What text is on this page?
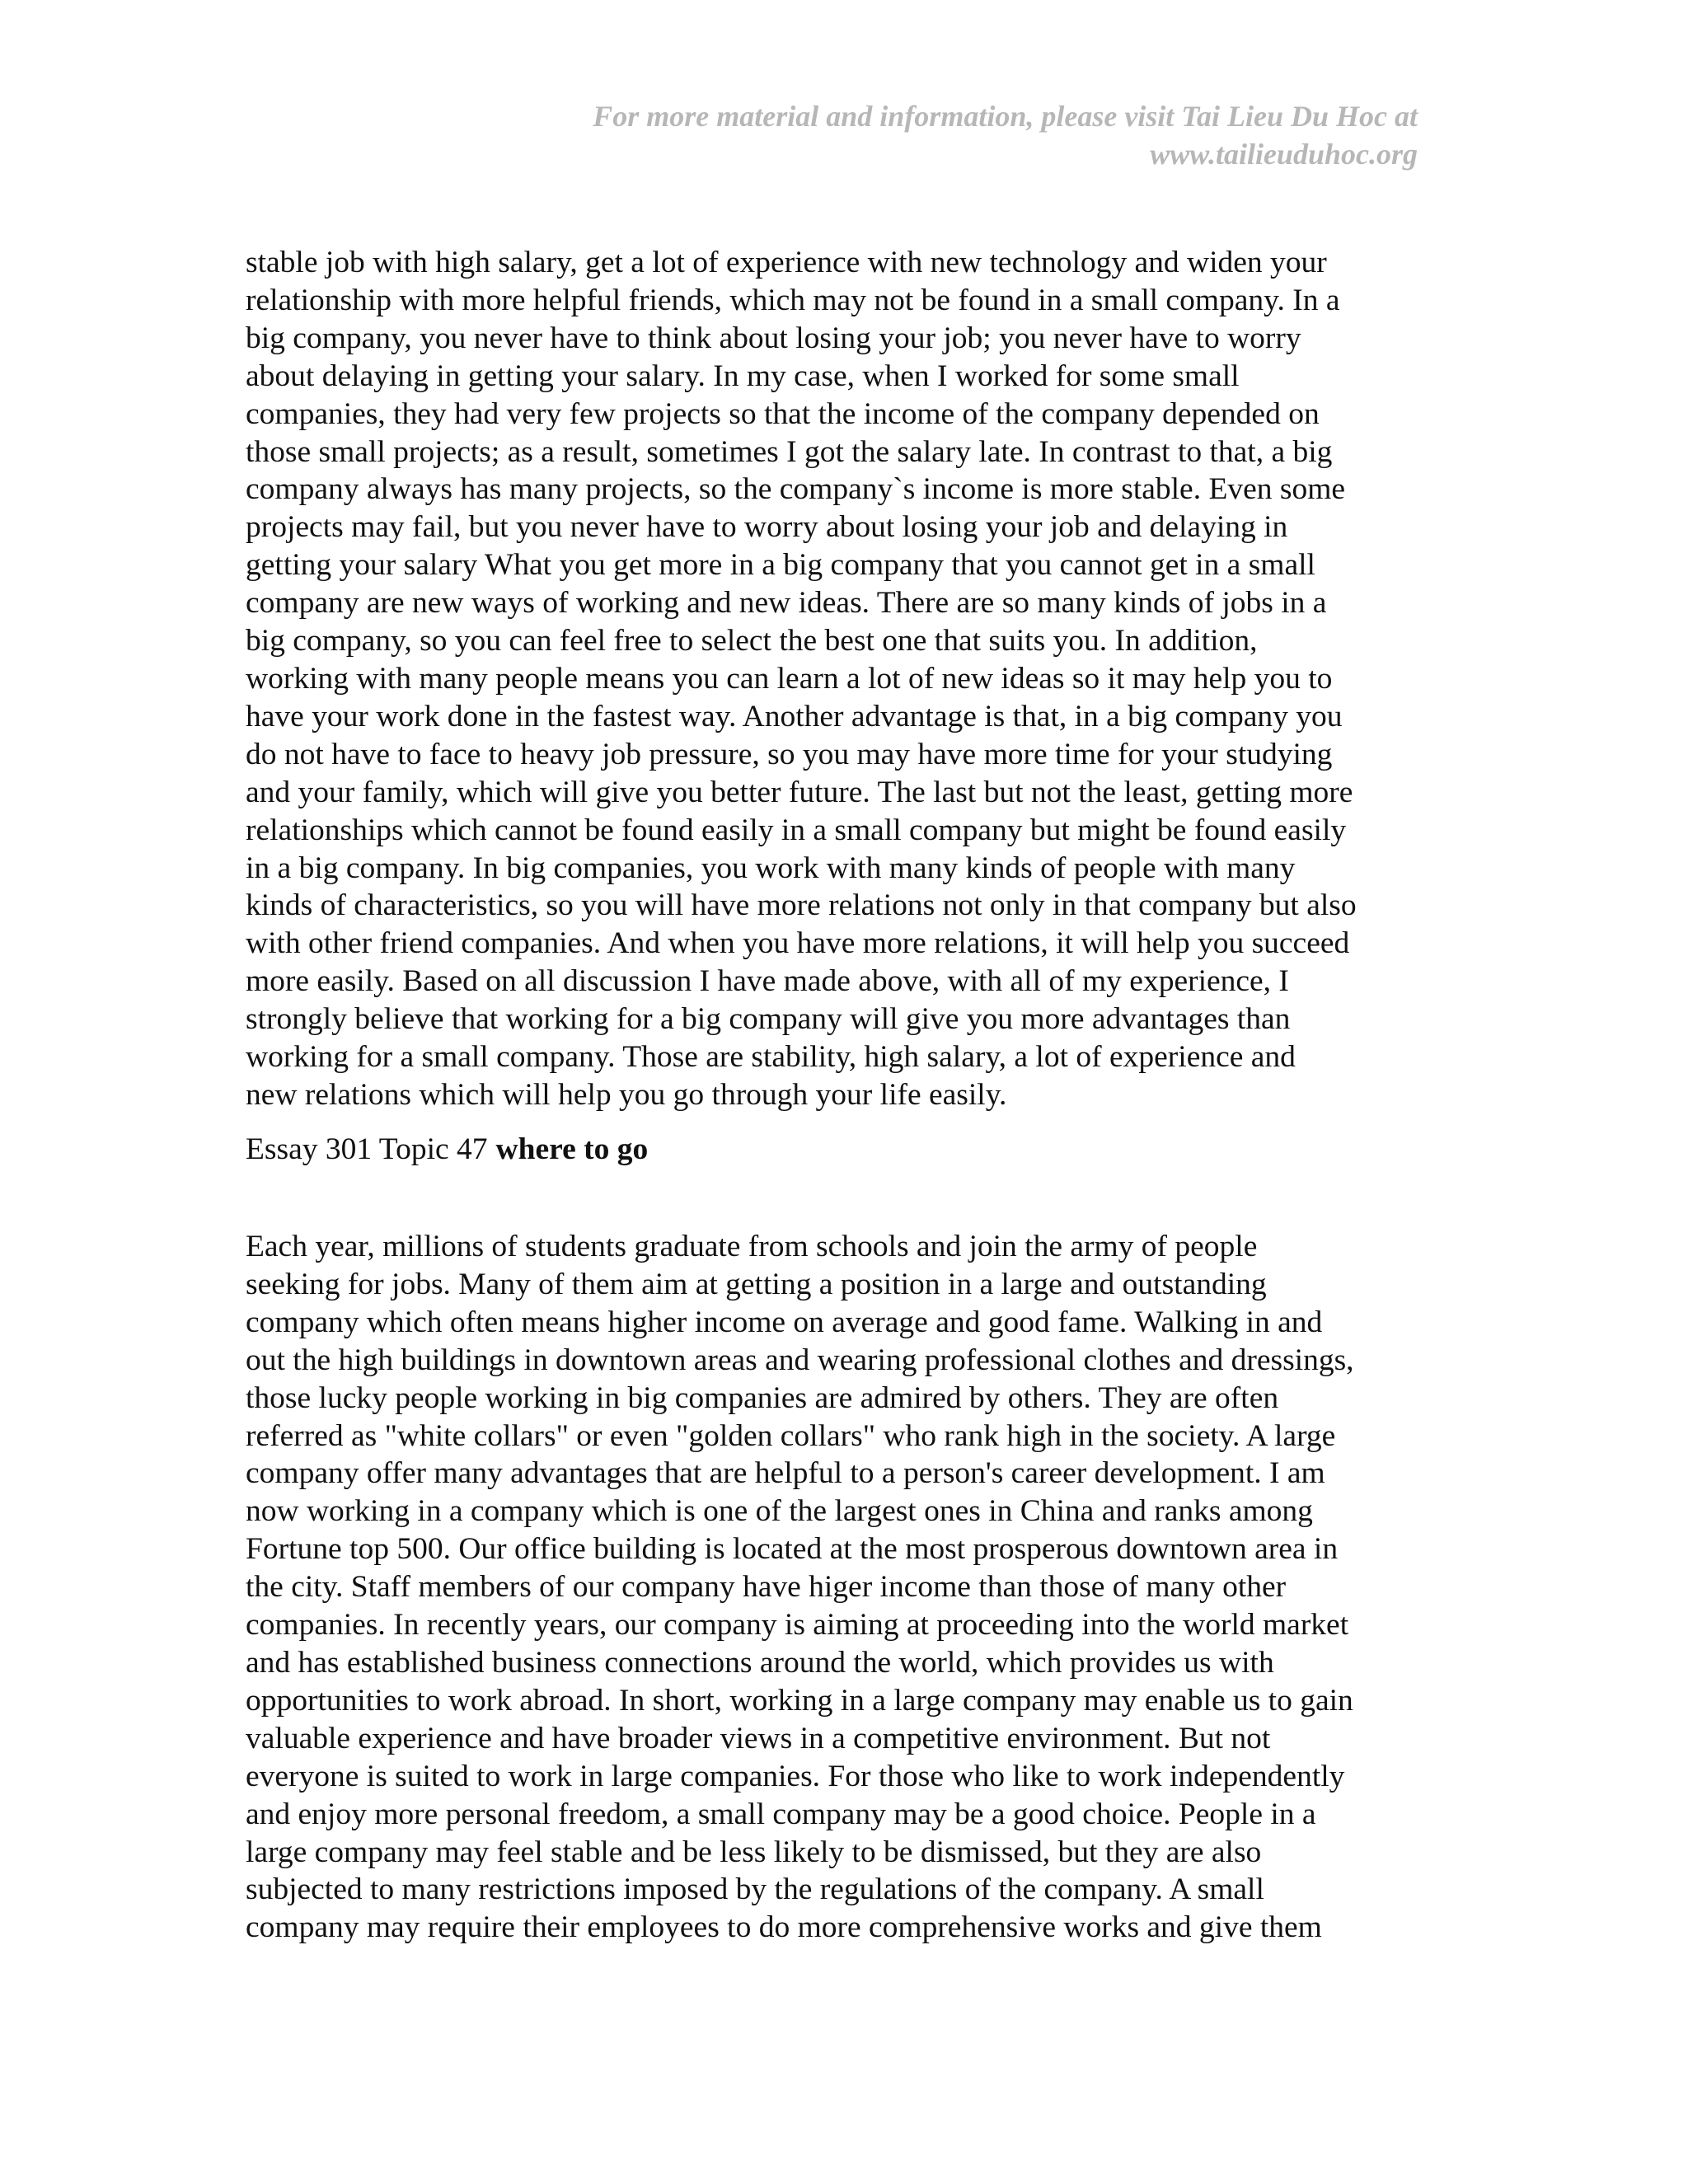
For more material and information, please visit Tai Lieu Du Hoc at
www.tailieuduhoc.org

stable job with high salary, get a lot of experience with new technology and widen your
relationship with more helpful friends, which may not be found in a small company. In a
big company, you never have to think about losing your job; you never have to worry
about delaying in getting your salary. In my case, when I worked for some small
companies, they had very few projects so that the income of the company depended on
those small projects; as a result, sometimes I got the salary late. In contrast to that, a big
company always has many projects, so the company`s income is more stable. Even some
projects may fail, but you never have to worry about losing your job and delaying in
getting your salary What you get more in a big company that you cannot get in a small
company are new ways of working and new ideas. There are so many kinds of jobs in a
big company, so you can feel free to select the best one that suits you. In addition,
working with many people means you can learn a lot of new ideas so it may help you to
have your work done in the fastest way. Another advantage is that, in a big company you
do not have to face to heavy job pressure, so you may have more time for your studying
and your family, which will give you better future. The last but not the least, getting more
relationships which cannot be found easily in a small company but might be found easily
in a big company. In big companies, you work with many kinds of people with many
kinds of characteristics, so you will have more relations not only in that company but also
with other friend companies. And when you have more relations, it will help you succeed
more easily. Based on all discussion I have made above, with all of my experience, I
strongly believe that working for a big company will give you more advantages than
working for a small company. Those are stability, high salary, a lot of experience and
new relations which will help you go through your life easily.

Essay 301 Topic 47 where to go

Each year, millions of students graduate from schools and join the army of people
seeking for jobs. Many of them aim at getting a position in a large and outstanding
company which often means higher income on average and good fame. Walking in and
out the high buildings in downtown areas and wearing professional clothes and dressings,
those lucky people working in big companies are admired by others. They are often
referred as "white collars" or even "golden collars" who rank high in the society. A large
company offer many advantages that are helpful to a person's career development. I am
now working in a company which is one of the largest ones in China and ranks among
Fortune top 500. Our office building is located at the most prosperous downtown area in
the city. Staff members of our company have higer income than those of many other
companies. In recently years, our company is aiming at proceeding into the world market
and has established business connections around the world, which provides us with
opportunities to work abroad. In short, working in a large company may enable us to gain
valuable experience and have broader views in a competitive environment. But not
everyone is suited to work in large companies. For those who like to work independently
and enjoy more personal freedom, a small company may be a good choice. People in a
large company may feel stable and be less likely to be dismissed, but they are also
subjected to many restrictions imposed by the regulations of the company. A small
company may require their employees to do more comprehensive works and give them
